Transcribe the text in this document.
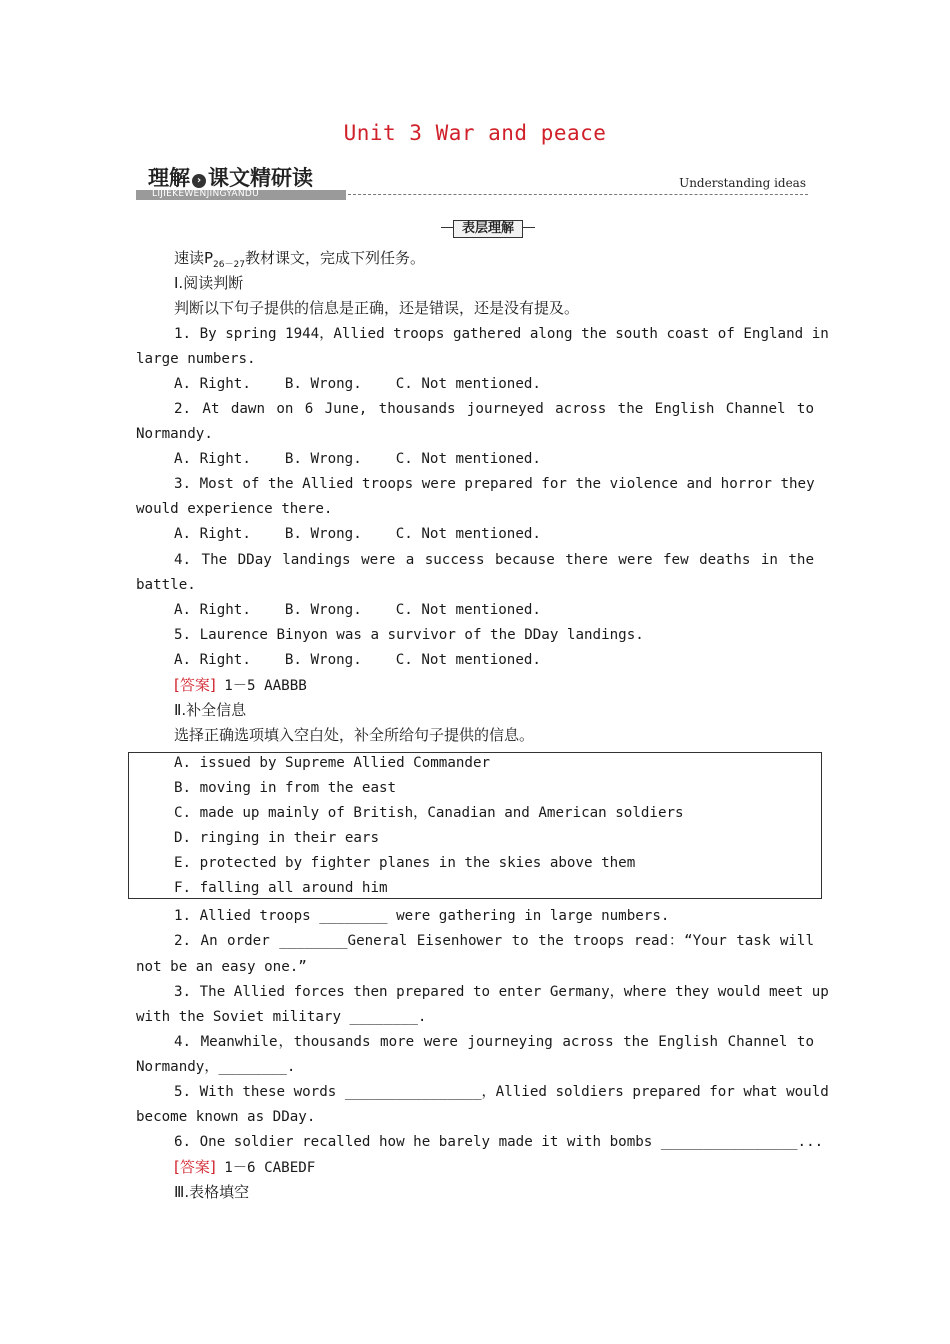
Unit 3 War and peace
理解 › 课文精研读
LIJIEKEWENJINGYANDU
Understanding ideas
表层理解
速读$P_{26-27}$教材课文，完成下列任务。
Ⅰ.阅读判断
判断以下句子提供的信息是正确，还是错误，还是没有提及。
1. By spring 1944，Allied troops gathered along the south coast of England in
large numbers.
A. Right. B. Wrong. C. Not mentioned.
2. At dawn on 6 June, thousands journeyed across the English Channel to
Normandy.
A. Right. B. Wrong. C. Not mentioned.
3. Most of the Allied troops were prepared for the violence and horror they
would experience there.
A. Right. B. Wrong. C. Not mentioned.
4. The DDay landings were a success because there were few deaths in the
battle.
A. Right. B. Wrong. C. Not mentioned.
5. Laurence Binyon was a survivor of the DDay landings.
A. Right. B. Wrong. C. Not mentioned.
[答案] 1－5 AABBB
Ⅱ.补全信息
选择正确选项填入空白处，补全所给句子提供的信息。
A. issued by Supreme Allied Commander
B. moving in from the east
C. made up mainly of British，Canadian and American soldiers
D. ringing in their ears
E. protected by fighter planes in the skies above them
F. falling all around him
1. Allied troops ________ were gathering in large numbers.
2. An order ________General Eisenhower to the troops read：“Your task will
not be an easy one.”
3. The Allied forces then prepared to enter Germany，where they would meet up
with the Soviet military ________.
4. Meanwhile，thousands more were journeying across the English Channel to
Normandy，________.
5. With these words ________________，Allied soldiers prepared for what would
become known as DDay.
6. One soldier recalled how he barely made it with bombs ________________...
[答案] 1－6 CABEDF
Ⅲ.表格填空
